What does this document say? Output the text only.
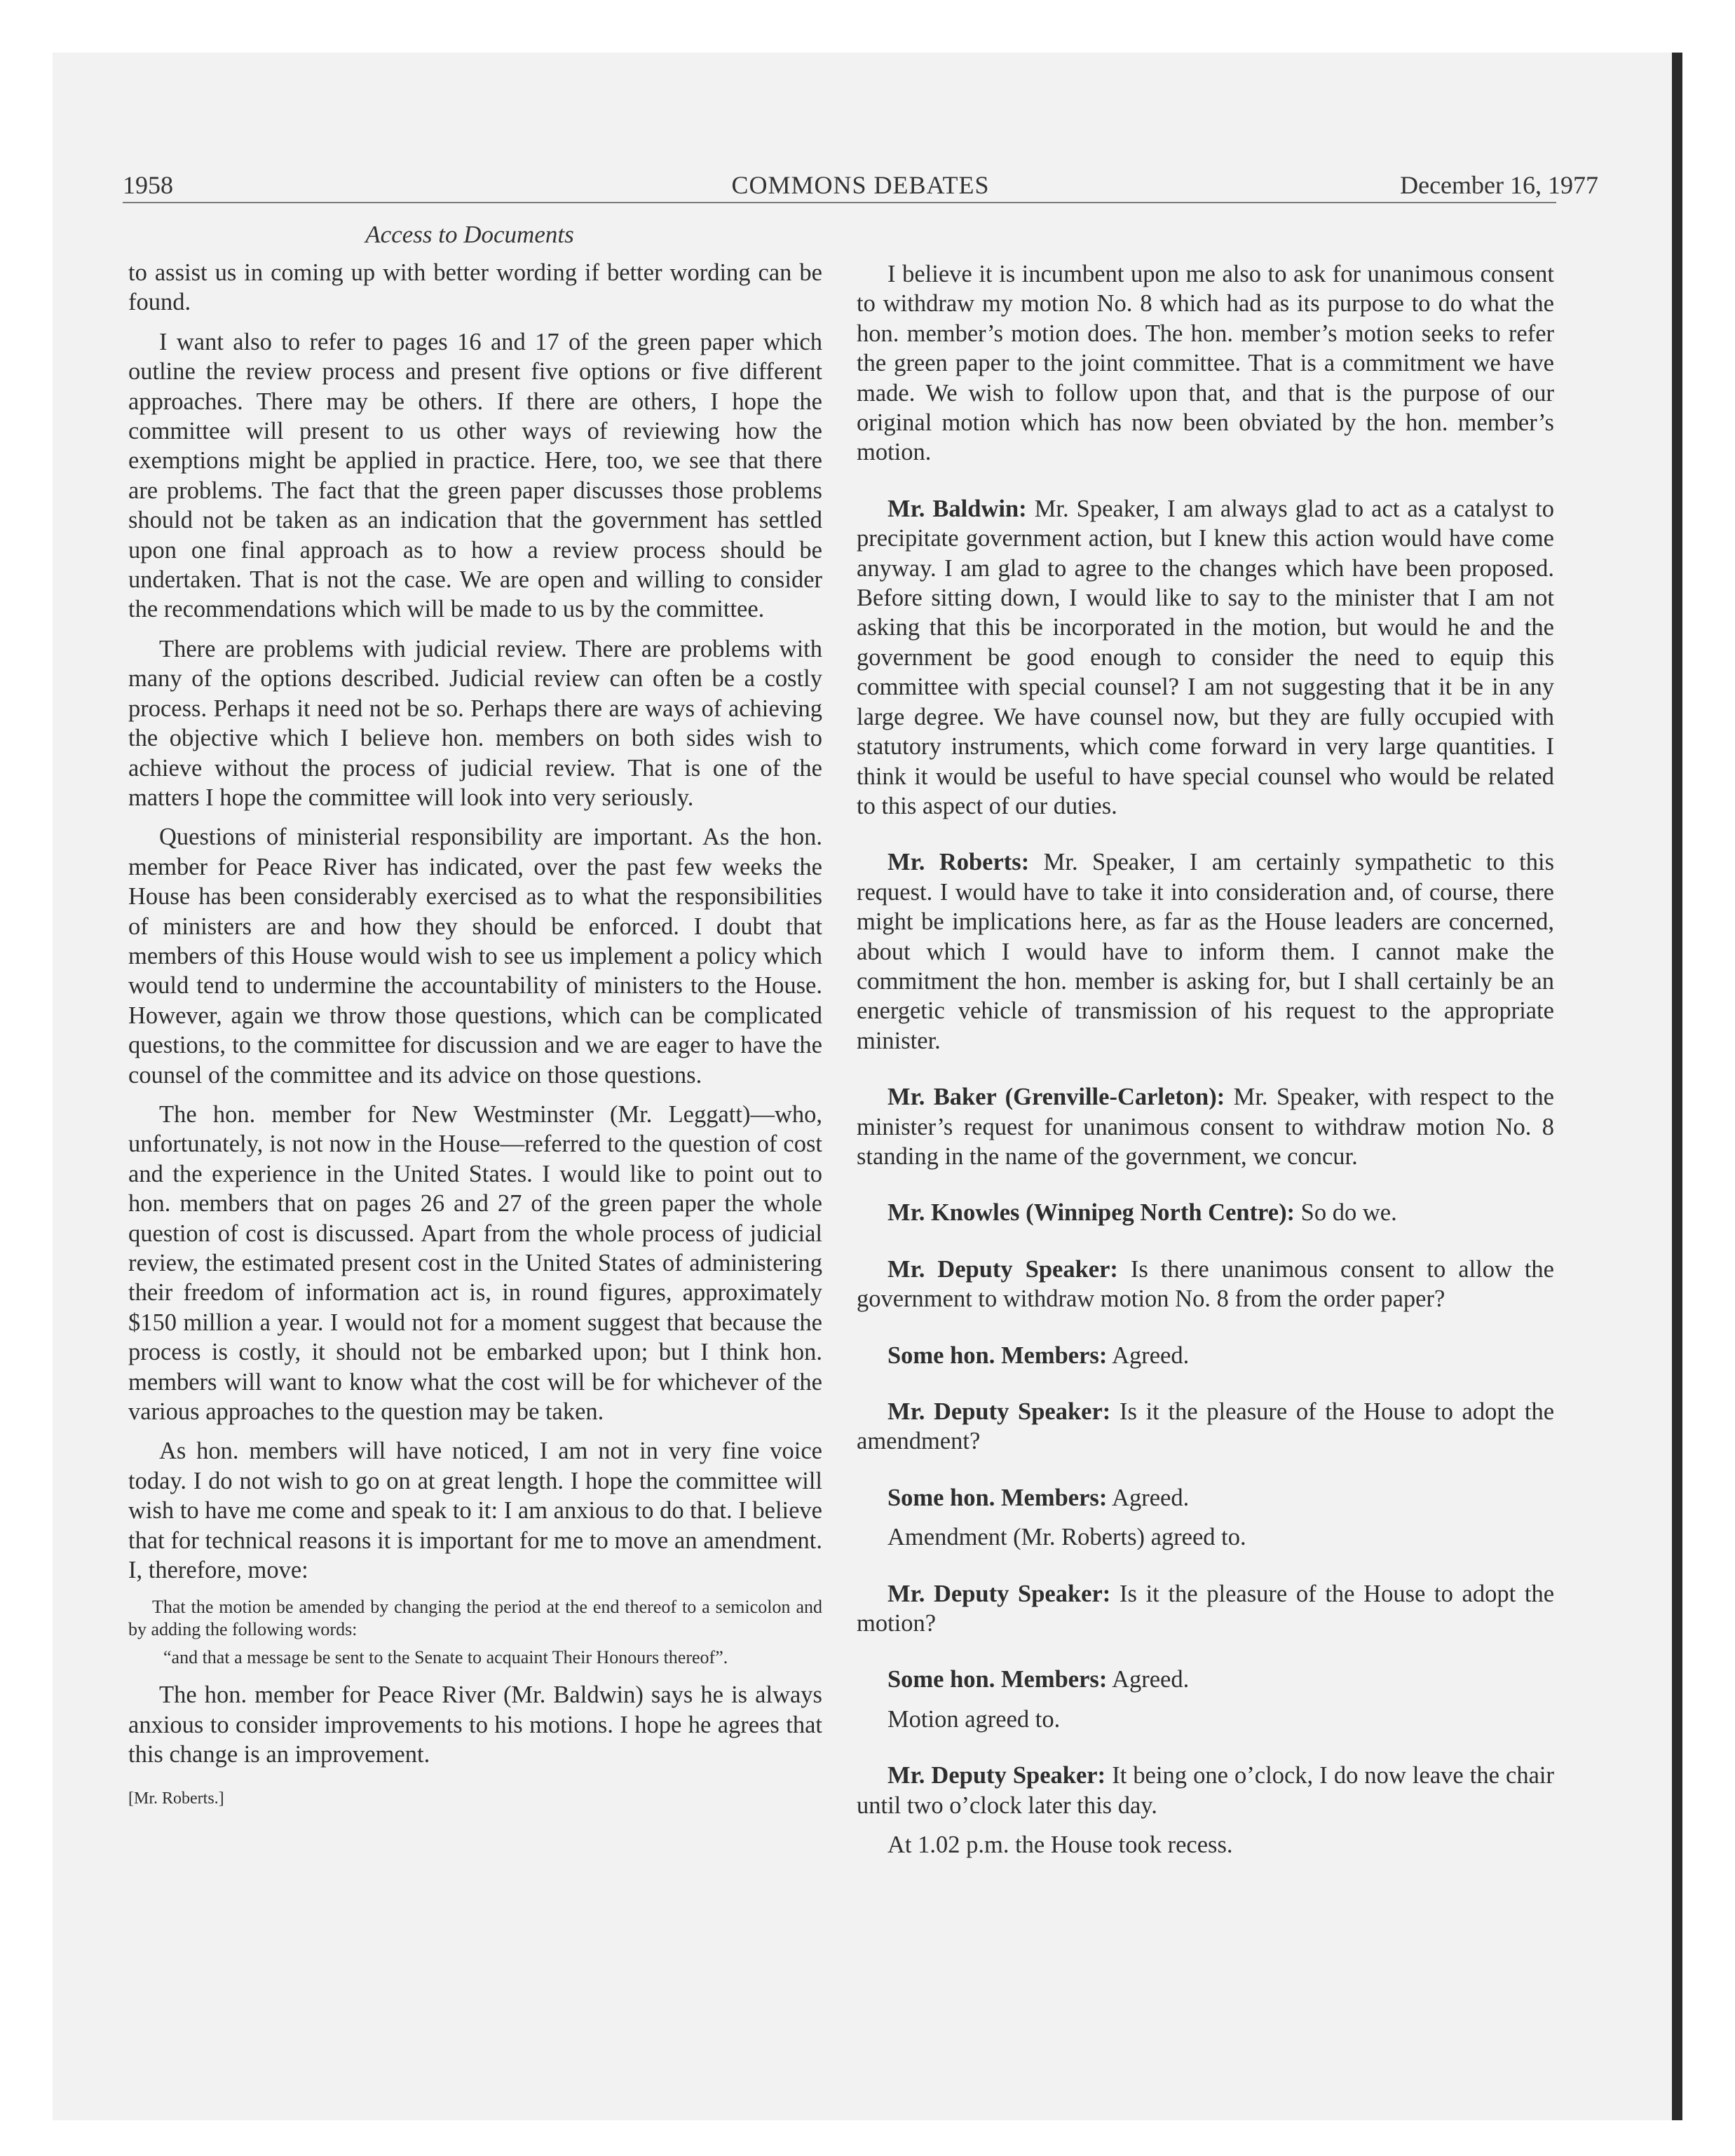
1958	COMMONS DEBATES	December 16, 1977
Access to Documents

to assist us in coming up with better wording if better wording can be found.

I want also to refer to pages 16 and 17 of the green paper which outline the review process and present five options or five different approaches. There may be others. If there are others, I hope the committee will present to us other ways of reviewing how the exemptions might be applied in practice. Here, too, we see that there are problems. The fact that the green paper discusses those problems should not be taken as an indication that the government has settled upon one final approach as to how a review process should be undertaken. That is not the case. We are open and willing to consider the recommendations which will be made to us by the committee.

There are problems with judicial review. There are problems with many of the options described. Judicial review can often be a costly process. Perhaps it need not be so. Perhaps there are ways of achieving the objective which I believe hon. members on both sides wish to achieve without the process of judicial review. That is one of the matters I hope the committee will look into very seriously.

Questions of ministerial responsibility are important. As the hon. member for Peace River has indicated, over the past few weeks the House has been considerably exercised as to what the responsibilities of ministers are and how they should be enforced. I doubt that members of this House would wish to see us implement a policy which would tend to undermine the accountability of ministers to the House. However, again we throw those questions, which can be complicated questions, to the committee for discussion and we are eager to have the counsel of the committee and its advice on those questions.

The hon. member for New Westminster (Mr. Leggatt)—who, unfortunately, is not now in the House—referred to the question of cost and the experience in the United States. I would like to point out to hon. members that on pages 26 and 27 of the green paper the whole question of cost is discussed. Apart from the whole process of judicial review, the estimated present cost in the United States of administering their freedom of information act is, in round figures, approximately $150 million a year. I would not for a moment suggest that because the process is costly, it should not be embarked upon; but I think hon. members will want to know what the cost will be for whichever of the various approaches to the question may be taken.

As hon. members will have noticed, I am not in very fine voice today. I do not wish to go on at great length. I hope the committee will wish to have me come and speak to it: I am anxious to do that. I believe that for technical reasons it is important for me to move an amendment. I, therefore, move:

That the motion be amended by changing the period at the end thereof to a semicolon and by adding the following words:

“and that a message be sent to the Senate to acquaint Their Honours thereof”.

The hon. member for Peace River (Mr. Baldwin) says he is always anxious to consider improvements to his motions. I hope he agrees that this change is an improvement.

[Mr. Roberts.]

I believe it is incumbent upon me also to ask for unanimous consent to withdraw my motion No. 8 which had as its purpose to do what the hon. member’s motion does. The hon. member’s motion seeks to refer the green paper to the joint committee. That is a commitment we have made. We wish to follow upon that, and that is the purpose of our original motion which has now been obviated by the hon. member’s motion.

Mr. Baldwin: Mr. Speaker, I am always glad to act as a catalyst to precipitate government action, but I knew this action would have come anyway. I am glad to agree to the changes which have been proposed. Before sitting down, I would like to say to the minister that I am not asking that this be incorporated in the motion, but would he and the government be good enough to consider the need to equip this committee with special counsel? I am not suggesting that it be in any large degree. We have counsel now, but they are fully occupied with statutory instruments, which come forward in very large quantities. I think it would be useful to have special counsel who would be related to this aspect of our duties.

Mr. Roberts: Mr. Speaker, I am certainly sympathetic to this request. I would have to take it into consideration and, of course, there might be implications here, as far as the House leaders are concerned, about which I would have to inform them. I cannot make the commitment the hon. member is asking for, but I shall certainly be an energetic vehicle of transmission of his request to the appropriate minister.

Mr. Baker (Grenville-Carleton): Mr. Speaker, with respect to the minister’s request for unanimous consent to withdraw motion No. 8 standing in the name of the government, we concur.

Mr. Knowles (Winnipeg North Centre): So do we.

Mr. Deputy Speaker: Is there unanimous consent to allow the government to withdraw motion No. 8 from the order paper?

Some hon. Members: Agreed.

Mr. Deputy Speaker: Is it the pleasure of the House to adopt the amendment?

Some hon. Members: Agreed.

Amendment (Mr. Roberts) agreed to.

Mr. Deputy Speaker: Is it the pleasure of the House to adopt the motion?

Some hon. Members: Agreed.

Motion agreed to.

Mr. Deputy Speaker: It being one o’clock, I do now leave the chair until two o’clock later this day.

At 1.02 p.m. the House took recess.
